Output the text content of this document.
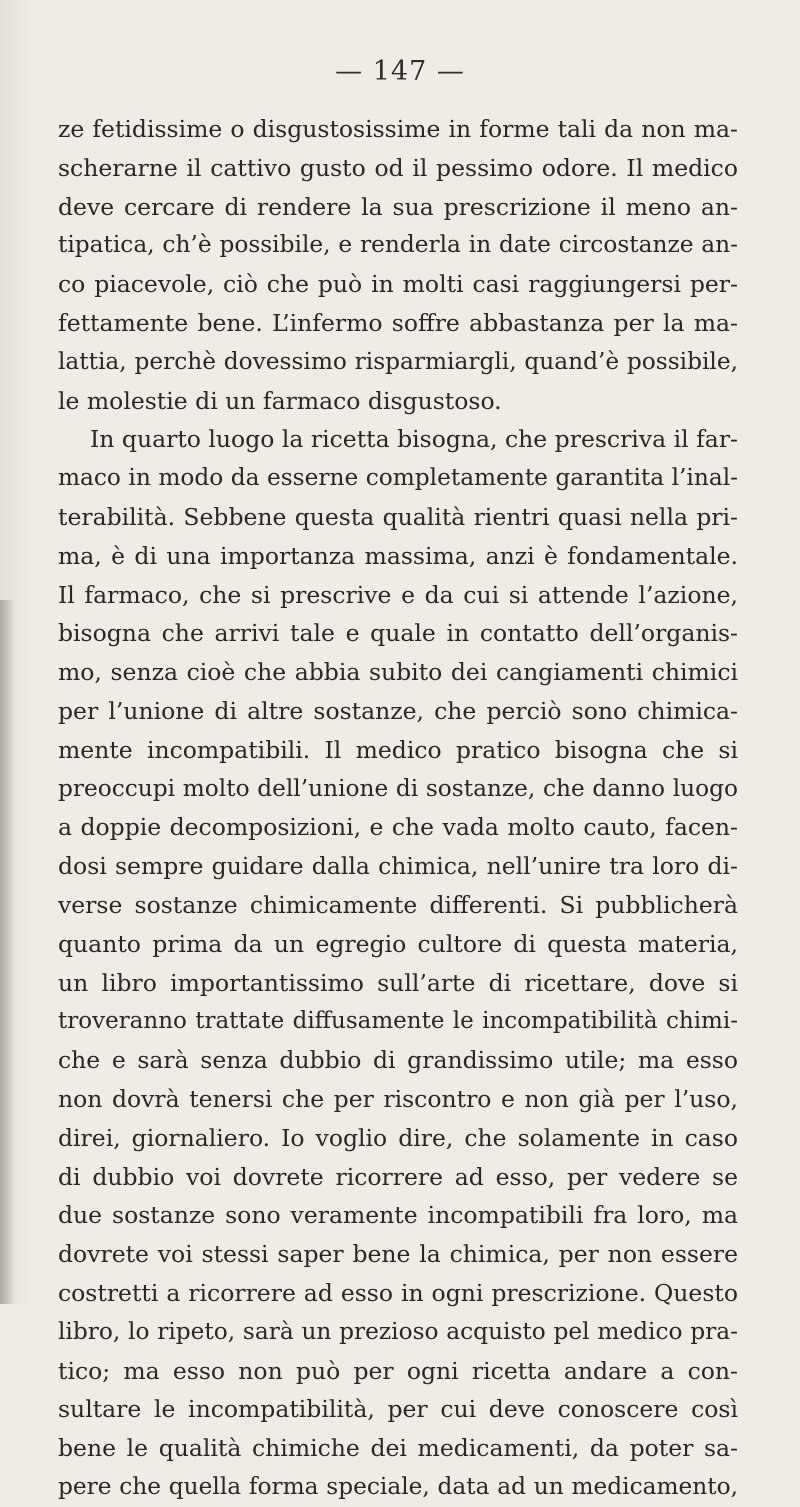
— 147 —
ze fetidissime o disgustosissime in forme tali da non ma-
scherarne il cattivo gusto od il pessimo odore. Il medico
deve cercare di rendere la sua prescrizione il meno an-
tipatica, ch’è possibile, e renderla in date circostanze an-
co piacevole, ciò che può in molti casi raggiungersi per-
fettamente bene. L’infermo soffre abbastanza per la ma-
lattia, perchè dovessimo risparmiargli, quand’è possibile,
le molestie di un farmaco disgustoso.
In quarto luogo la ricetta bisogna, che prescriva il far-
maco in modo da esserne completamente garantita l’inal-
terabilità. Sebbene questa qualità rientri quasi nella pri-
ma, è di una importanza massima, anzi è fondamentale.
Il farmaco, che si prescrive e da cui si attende l’azione,
bisogna che arrivi tale e quale in contatto dell’organis-
mo, senza cioè che abbia subito dei cangiamenti chimici
per l’unione di altre sostanze, che perciò sono chimica-
mente incompatibili. Il medico pratico bisogna che si
preoccupi molto dell’unione di sostanze, che danno luogo
a doppie decomposizioni, e che vada molto cauto, facen-
dosi sempre guidare dalla chimica, nell’unire tra loro di-
verse sostanze chimicamente differenti. Si pubblicherà
quanto prima da un egregio cultore di questa materia,
un libro importantissimo sull’arte di ricettare, dove si
troveranno trattate diffusamente le incompatibilità chimi-
che e sarà senza dubbio di grandissimo utile; ma esso
non dovrà tenersi che per riscontro e non già per l’uso,
direi, giornaliero. Io voglio dire, che solamente in caso
di dubbio voi dovrete ricorrere ad esso, per vedere se
due sostanze sono veramente incompatibili fra loro, ma
dovrete voi stessi saper bene la chimica, per non essere
costretti a ricorrere ad esso in ogni prescrizione. Questo
libro, lo ripeto, sarà un prezioso acquisto pel medico pra-
tico; ma esso non può per ogni ricetta andare a con-
sultare le incompatibilità, per cui deve conoscere così
bene le qualità chimiche dei medicamenti, da poter sa-
pere che quella forma speciale, data ad un medicamento,
